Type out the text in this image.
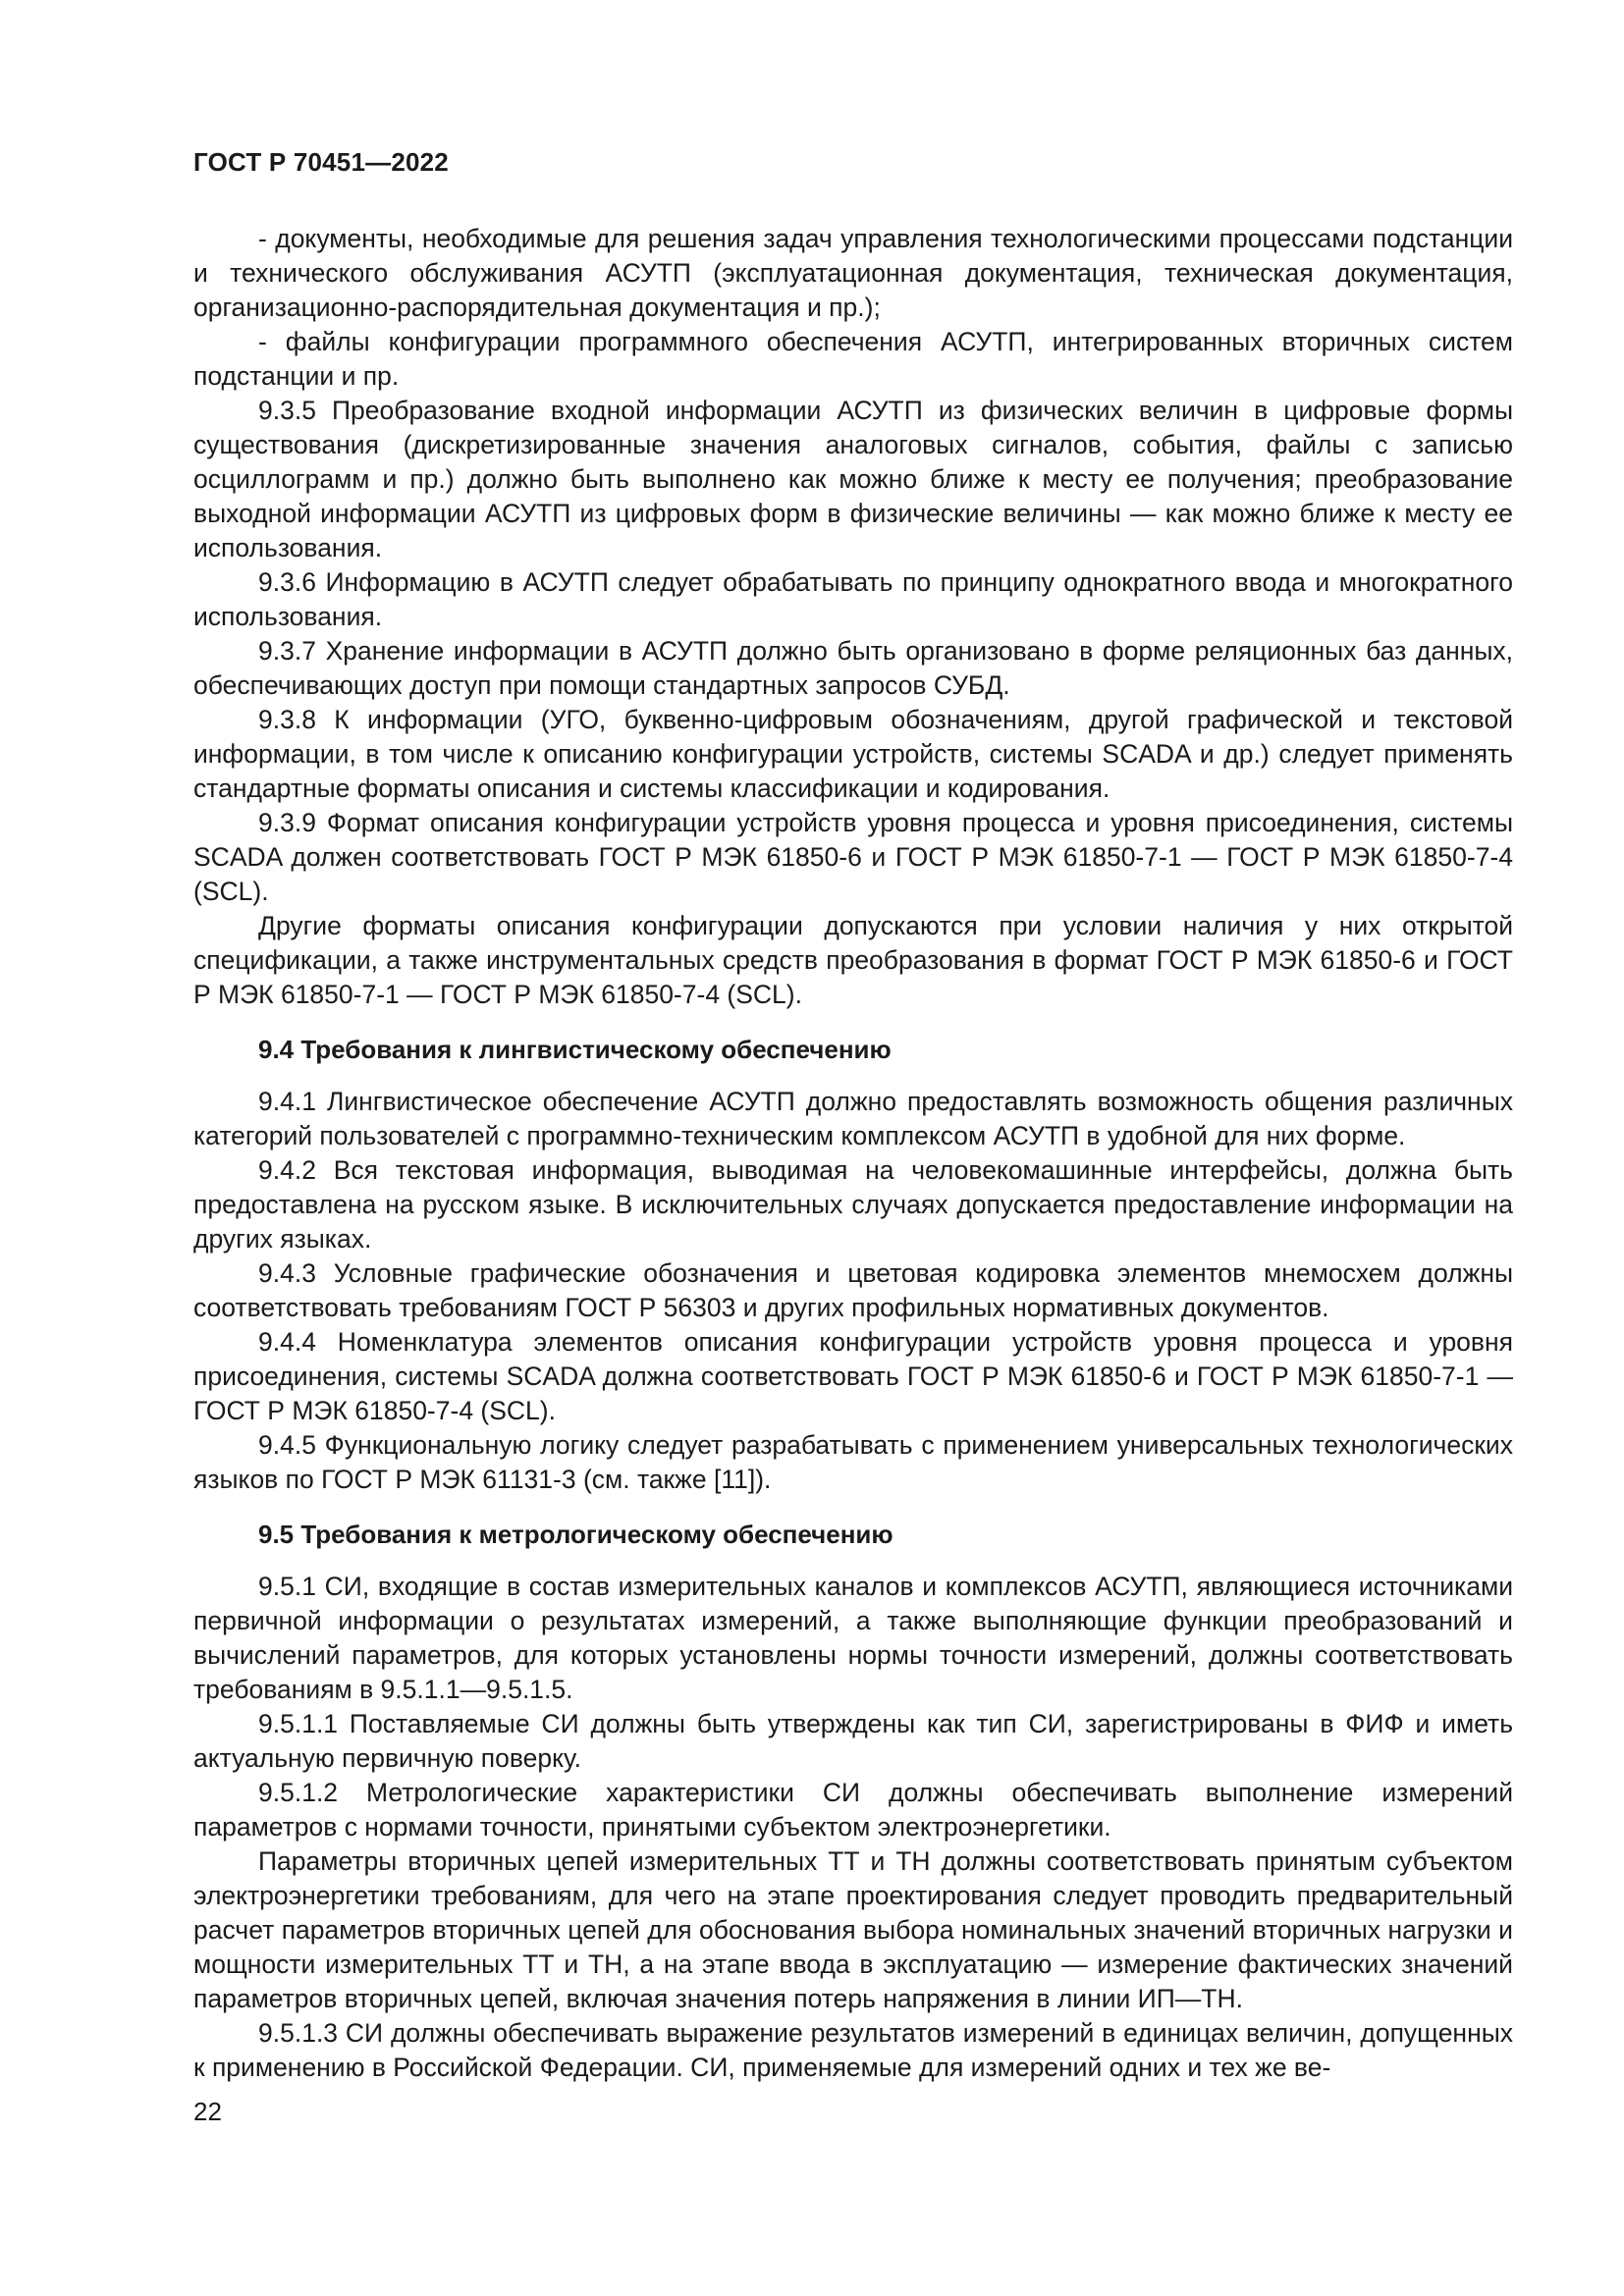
ГОСТ Р 70451—2022

- документы, необходимые для решения задач управления технологическими процессами подстанции и технического обслуживания АСУТП (эксплуатационная документация, техническая документация, организационно-распорядительная документация и пр.);

- файлы конфигурации программного обеспечения АСУТП, интегрированных вторичных систем подстанции и пр.

9.3.5 Преобразование входной информации АСУТП из физических величин в цифровые формы существования (дискретизированные значения аналоговых сигналов, события, файлы с записью осциллограмм и пр.) должно быть выполнено как можно ближе к месту ее получения; преобразование выходной информации АСУТП из цифровых форм в физические величины — как можно ближе к месту ее использования.

9.3.6 Информацию в АСУТП следует обрабатывать по принципу однократного ввода и многократного использования.

9.3.7 Хранение информации в АСУТП должно быть организовано в форме реляционных баз данных, обеспечивающих доступ при помощи стандартных запросов СУБД.

9.3.8 К информации (УГО, буквенно-цифровым обозначениям, другой графической и текстовой информации, в том числе к описанию конфигурации устройств, системы SCADA и др.) следует применять стандартные форматы описания и системы классификации и кодирования.

9.3.9 Формат описания конфигурации устройств уровня процесса и уровня присоединения, системы SCADA должен соответствовать ГОСТ Р МЭК 61850-6 и ГОСТ Р МЭК 61850-7-1 — ГОСТ Р МЭК 61850-7-4 (SCL).

Другие форматы описания конфигурации допускаются при условии наличия у них открытой спецификации, а также инструментальных средств преобразования в формат ГОСТ Р МЭК 61850-6 и ГОСТ Р МЭК 61850-7-1 — ГОСТ Р МЭК 61850-7-4 (SCL).

9.4 Требования к лингвистическому обеспечению

9.4.1 Лингвистическое обеспечение АСУТП должно предоставлять возможность общения различных категорий пользователей с программно-техническим комплексом АСУТП в удобной для них форме.

9.4.2 Вся текстовая информация, выводимая на человекомашинные интерфейсы, должна быть предоставлена на русском языке. В исключительных случаях допускается предоставление информации на других языках.

9.4.3 Условные графические обозначения и цветовая кодировка элементов мнемосхем должны соответствовать требованиям ГОСТ Р 56303 и других профильных нормативных документов.

9.4.4 Номенклатура элементов описания конфигурации устройств уровня процесса и уровня присоединения, системы SCADA должна соответствовать ГОСТ Р МЭК 61850-6 и ГОСТ Р МЭК 61850-7-1 — ГОСТ Р МЭК 61850-7-4 (SCL).

9.4.5 Функциональную логику следует разрабатывать с применением универсальных технологических языков по ГОСТ Р МЭК 61131-3 (см. также [11]).

9.5 Требования к метрологическому обеспечению

9.5.1 СИ, входящие в состав измерительных каналов и комплексов АСУТП, являющиеся источниками первичной информации о результатах измерений, а также выполняющие функции преобразований и вычислений параметров, для которых установлены нормы точности измерений, должны соответствовать требованиям в 9.5.1.1—9.5.1.5.

9.5.1.1 Поставляемые СИ должны быть утверждены как тип СИ, зарегистрированы в ФИФ и иметь актуальную первичную поверку.

9.5.1.2 Метрологические характеристики СИ должны обеспечивать выполнение измерений параметров с нормами точности, принятыми субъектом электроэнергетики.

Параметры вторичных цепей измерительных ТТ и ТН должны соответствовать принятым субъектом электроэнергетики требованиям, для чего на этапе проектирования следует проводить предварительный расчет параметров вторичных цепей для обоснования выбора номинальных значений вторичных нагрузки и мощности измерительных ТТ и ТН, а на этапе ввода в эксплуатацию — измерение фактических значений параметров вторичных цепей, включая значения потерь напряжения в линии ИП—ТН.

9.5.1.3 СИ должны обеспечивать выражение результатов измерений в единицах величин, допущенных к применению в Российской Федерации. СИ, применяемые для измерений одних и тех же ве-

22
